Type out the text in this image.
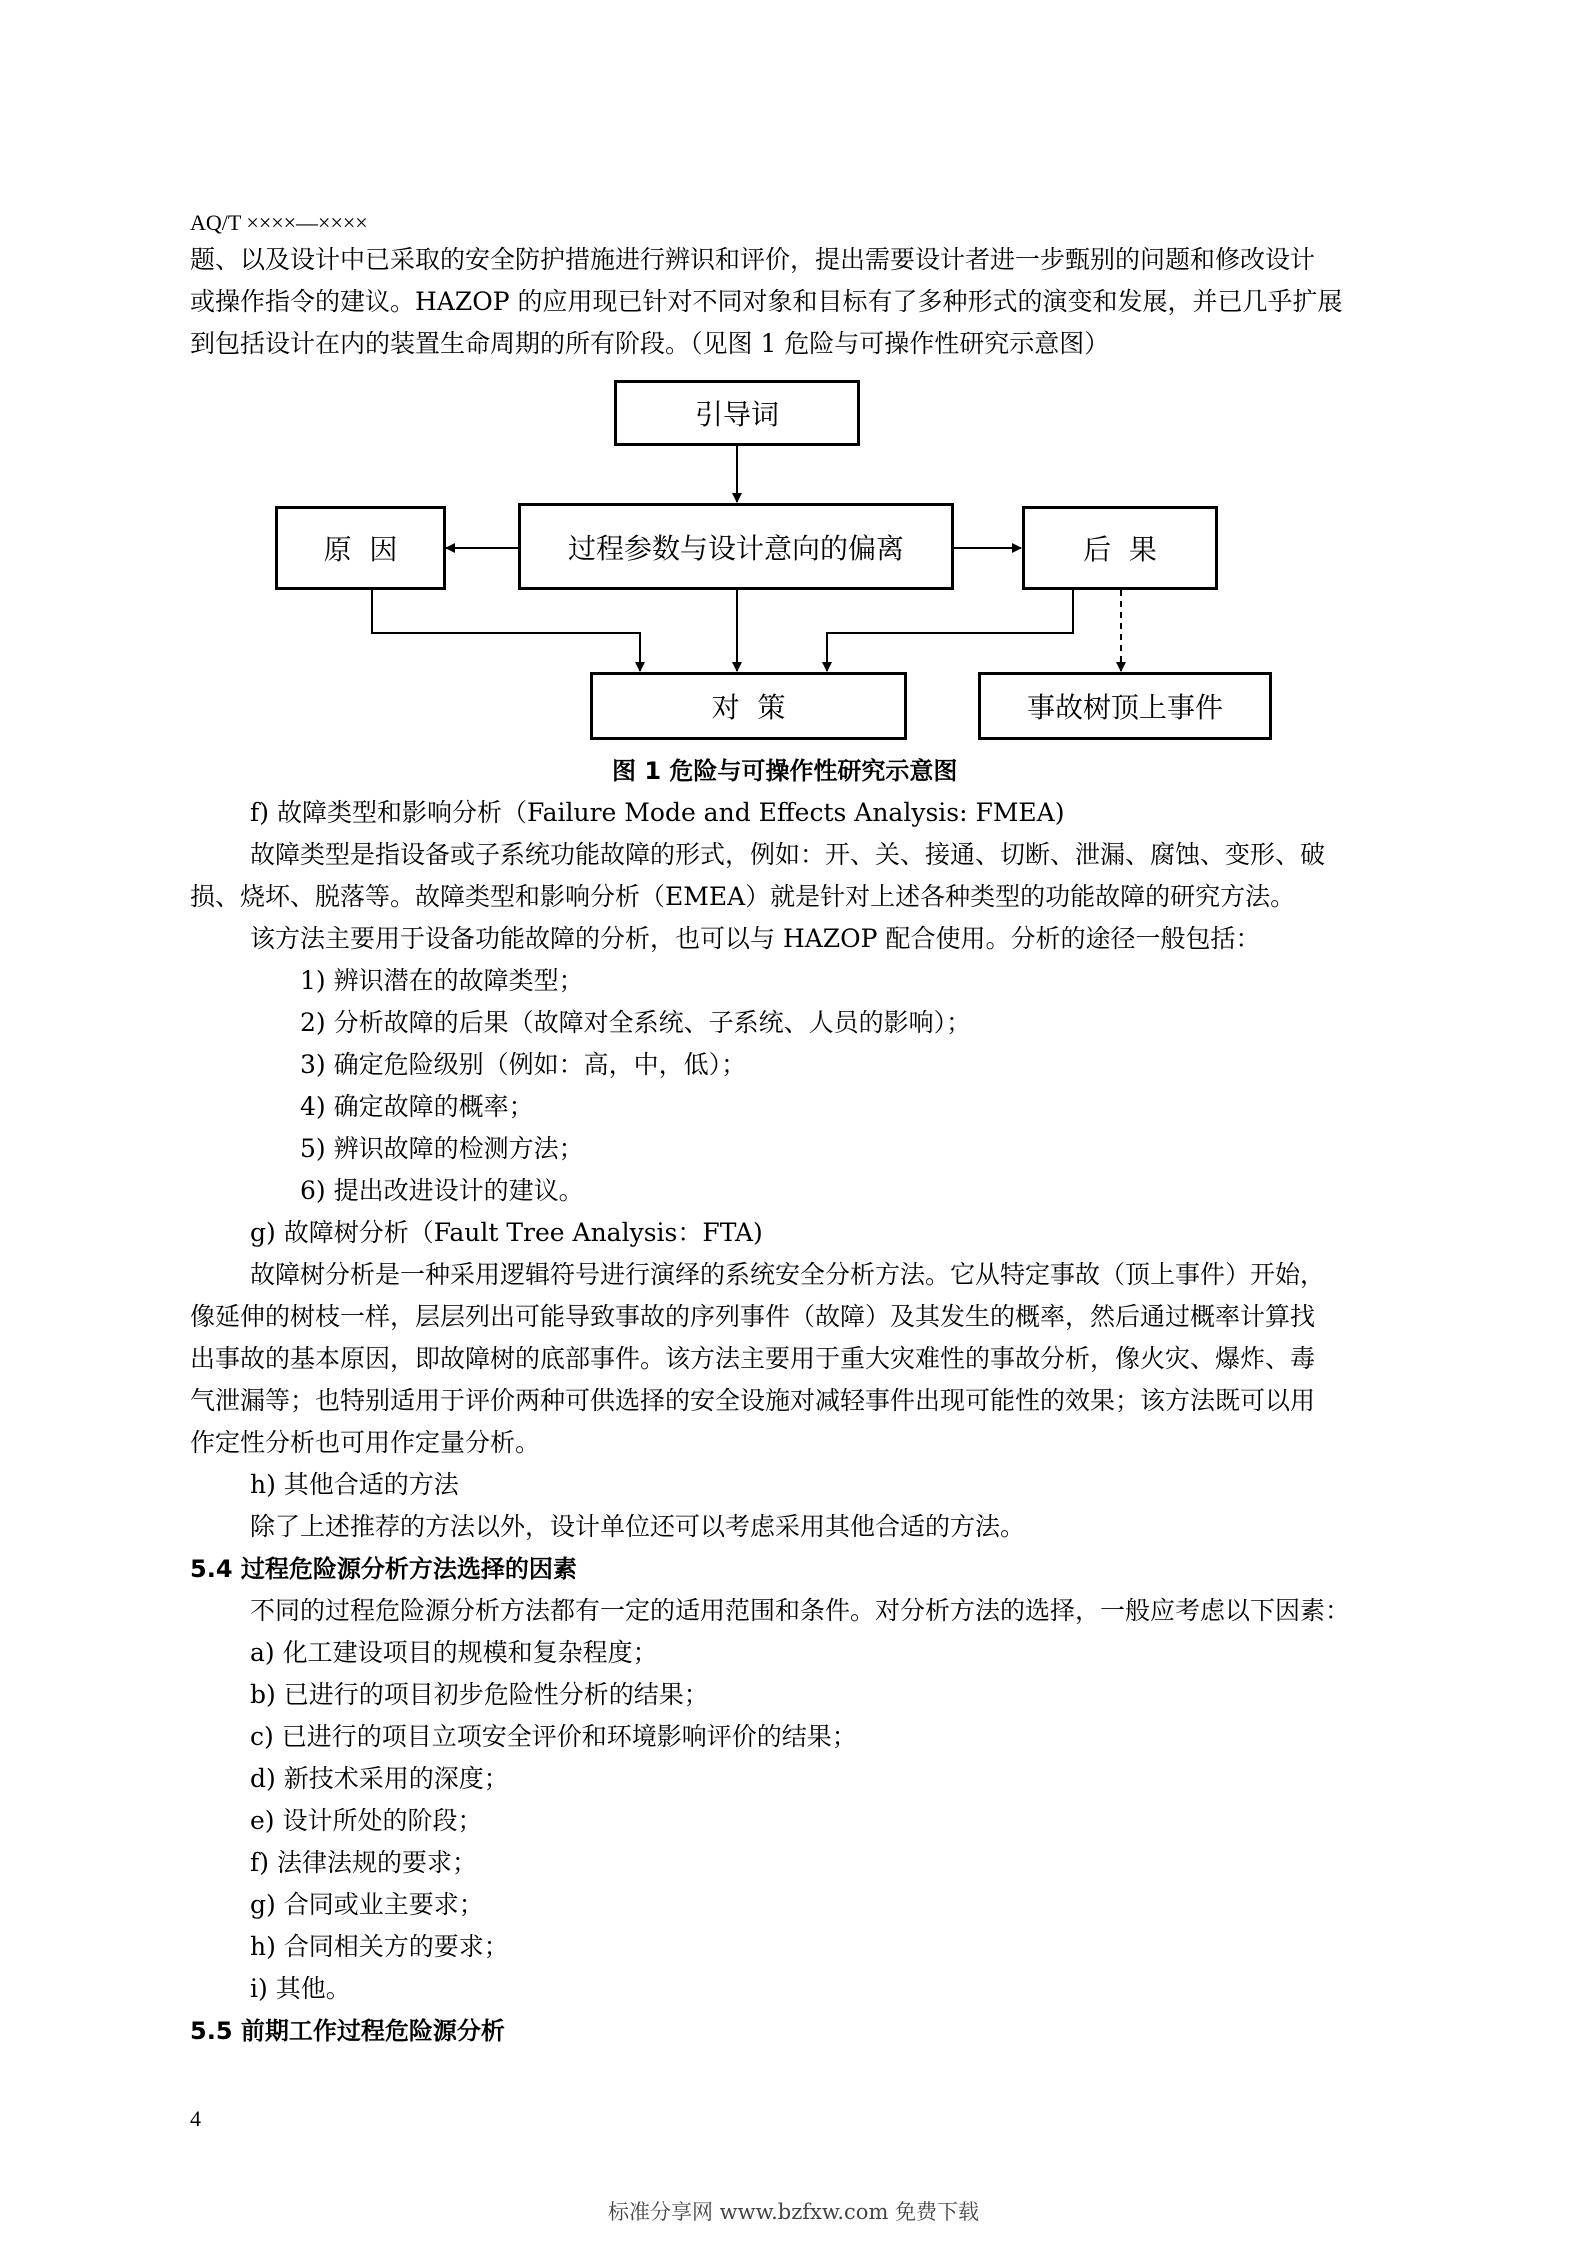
AQ/T ××××—××××
题、以及设计中已采取的安全防护措施进行辨识和评价，提出需要设计者进一步甄别的问题和修改设计
或操作指令的建议。HAZOP 的应用现已针对不同对象和目标有了多种形式的演变和发展，并已几乎扩展
到包括设计在内的装置生命周期的所有阶段。（见图 1 危险与可操作性研究示意图）
引导词
过程参数与设计意向的偏离
原  因	后  果
对  策	事故树顶上事件
图 1 危险与可操作性研究示意图
f) 故障类型和影响分析（Failure Mode and Effects Analysis: FMEA)
故障类型是指设备或子系统功能故障的形式，例如：开、关、接通、切断、泄漏、腐蚀、变形、破
损、烧坏、脱落等。故障类型和影响分析（EMEA）就是针对上述各种类型的功能故障的研究方法。
该方法主要用于设备功能故障的分析，也可以与 HAZOP 配合使用。分析的途径一般包括：
1) 辨识潜在的故障类型；
2) 分析故障的后果（故障对全系统、子系统、人员的影响）；
3) 确定危险级别（例如：高，中，低）；
4) 确定故障的概率；
5) 辨识故障的检测方法；
6) 提出改进设计的建议。
g) 故障树分析（Fault Tree Analysis：FTA)
故障树分析是一种采用逻辑符号进行演绎的系统安全分析方法。它从特定事故（顶上事件）开始，
像延伸的树枝一样，层层列出可能导致事故的序列事件（故障）及其发生的概率，然后通过概率计算找
出事故的基本原因，即故障树的底部事件。该方法主要用于重大灾难性的事故分析，像火灾、爆炸、毒
气泄漏等；也特别适用于评价两种可供选择的安全设施对减轻事件出现可能性的效果；该方法既可以用
作定性分析也可用作定量分析。
h) 其他合适的方法
除了上述推荐的方法以外，设计单位还可以考虑采用其他合适的方法。
5.4 过程危险源分析方法选择的因素
不同的过程危险源分析方法都有一定的适用范围和条件。对分析方法的选择，一般应考虑以下因素：
a) 化工建设项目的规模和复杂程度；
b) 已进行的项目初步危险性分析的结果；
c) 已进行的项目立项安全评价和环境影响评价的结果；
d) 新技术采用的深度；
e) 设计所处的阶段；
f) 法律法规的要求；
g) 合同或业主要求；
h) 合同相关方的要求；
i) 其他。
5.5 前期工作过程危险源分析
4
标准分享网 www.bzfxw.com 免费下载
